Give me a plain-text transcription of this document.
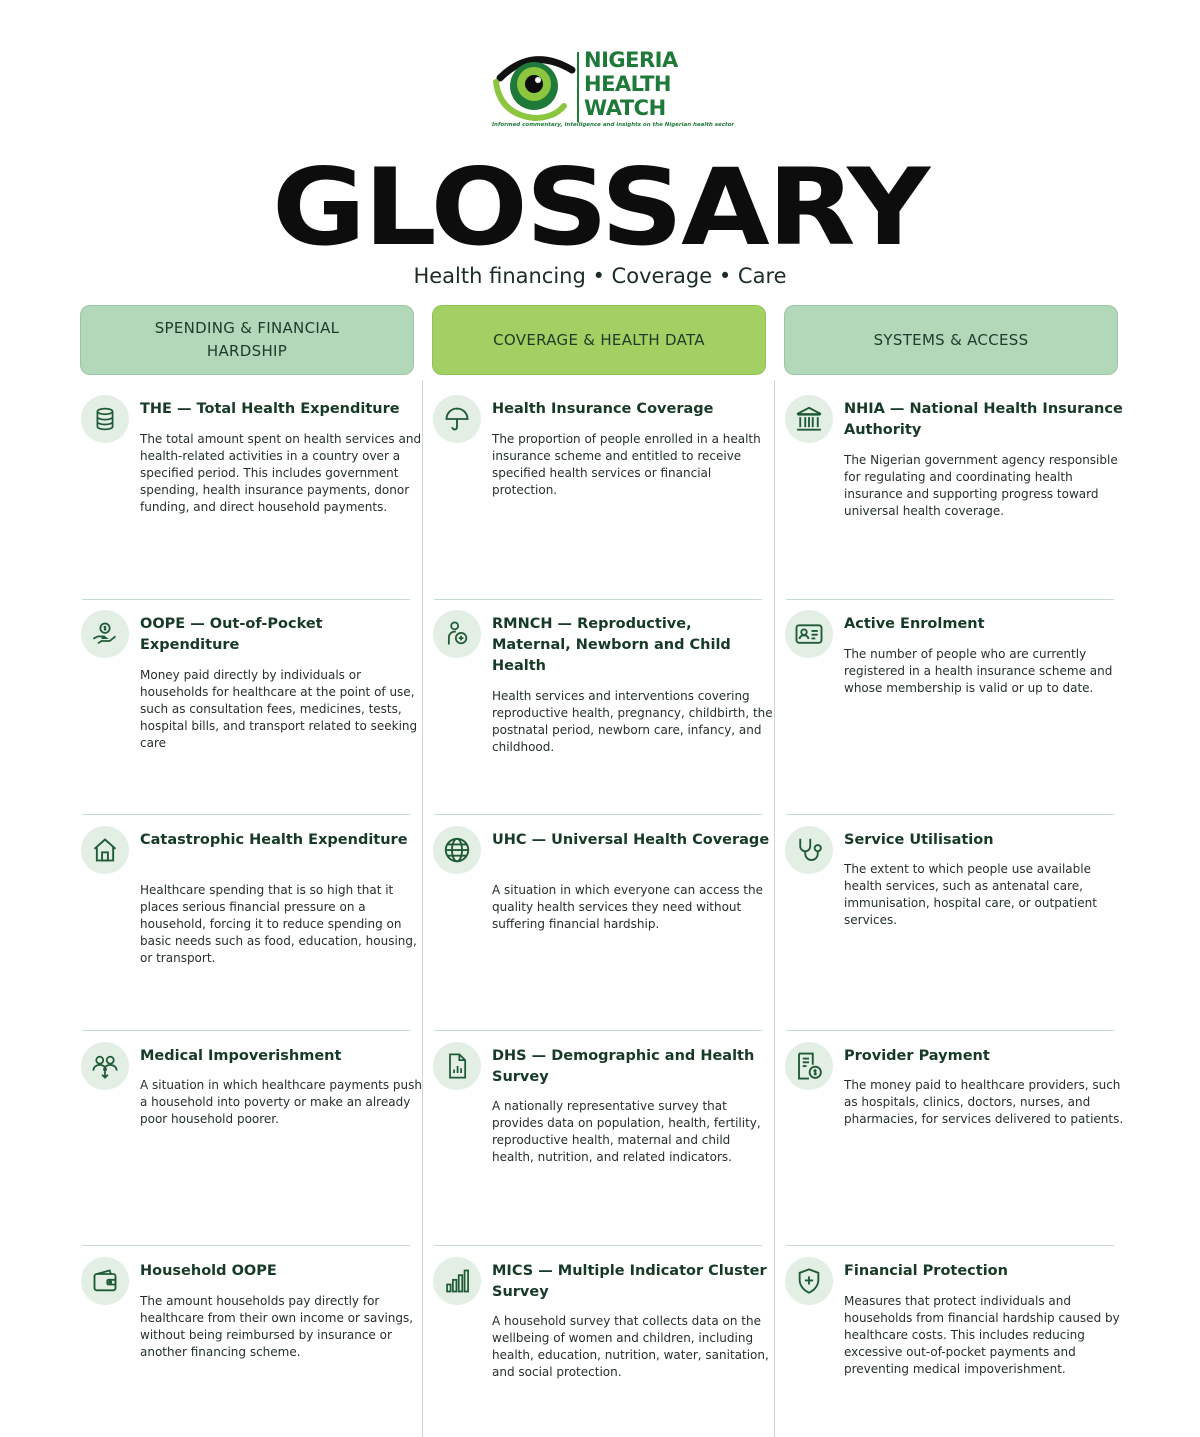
NIGERIA
HEALTH
WATCH
Informed commentary, intelligence and insights on the Nigerian health sector
GLOSSARY
Health financing • Coverage • Care
SPENDING & FINANCIAL HARDSHIP
COVERAGE & HEALTH DATA	SYSTEMS & ACCESS
THE — Total Health Expenditure
The total amount spent on health services and health-related activities in a country over a specified period. This includes government spending, health insurance payments, donor funding, and direct household payments.
OOPE — Out-of-Pocket Expenditure
Money paid directly by individuals or households for healthcare at the point of use, such as consultation fees, medicines, tests, hospital bills, and transport related to seeking care
Catastrophic Health Expenditure
Healthcare spending that is so high that it places serious financial pressure on a household, forcing it to reduce spending on basic needs such as food, education, housing, or transport.
Medical Impoverishment
A situation in which healthcare payments push a household into poverty or make an already poor household poorer.
Household OOPE
The amount households pay directly for healthcare from their own income or savings, without being reimbursed by insurance or another financing scheme.
Health Insurance Coverage
The proportion of people enrolled in a health insurance scheme and entitled to receive specified health services or financial protection.
RMNCH — Reproductive, Maternal, Newborn and Child Health
Health services and interventions covering reproductive health, pregnancy, childbirth, the postnatal period, newborn care, infancy, and childhood.
UHC — Universal Health Coverage
A situation in which everyone can access the quality health services they need without suffering financial hardship.
DHS — Demographic and Health Survey
A nationally representative survey that provides data on population, health, fertility, reproductive health, maternal and child health, nutrition, and related indicators.
MICS — Multiple Indicator Cluster Survey
A household survey that collects data on the wellbeing of women and children, including health, education, nutrition, water, sanitation, and social protection.
NHIA — National Health Insurance Authority
The Nigerian government agency responsible for regulating and coordinating health insurance and supporting progress toward universal health coverage.
Active Enrolment
The number of people who are currently registered in a health insurance scheme and whose membership is valid or up to date.
Service Utilisation
The extent to which people use available health services, such as antenatal care, immunisation, hospital care, or outpatient services.
Provider Payment
The money paid to healthcare providers, such as hospitals, clinics, doctors, nurses, and pharmacies, for services delivered to patients.
Financial Protection
Measures that protect individuals and households from financial hardship caused by healthcare costs. This includes reducing excessive out-of-pocket payments and preventing medical impoverishment.
